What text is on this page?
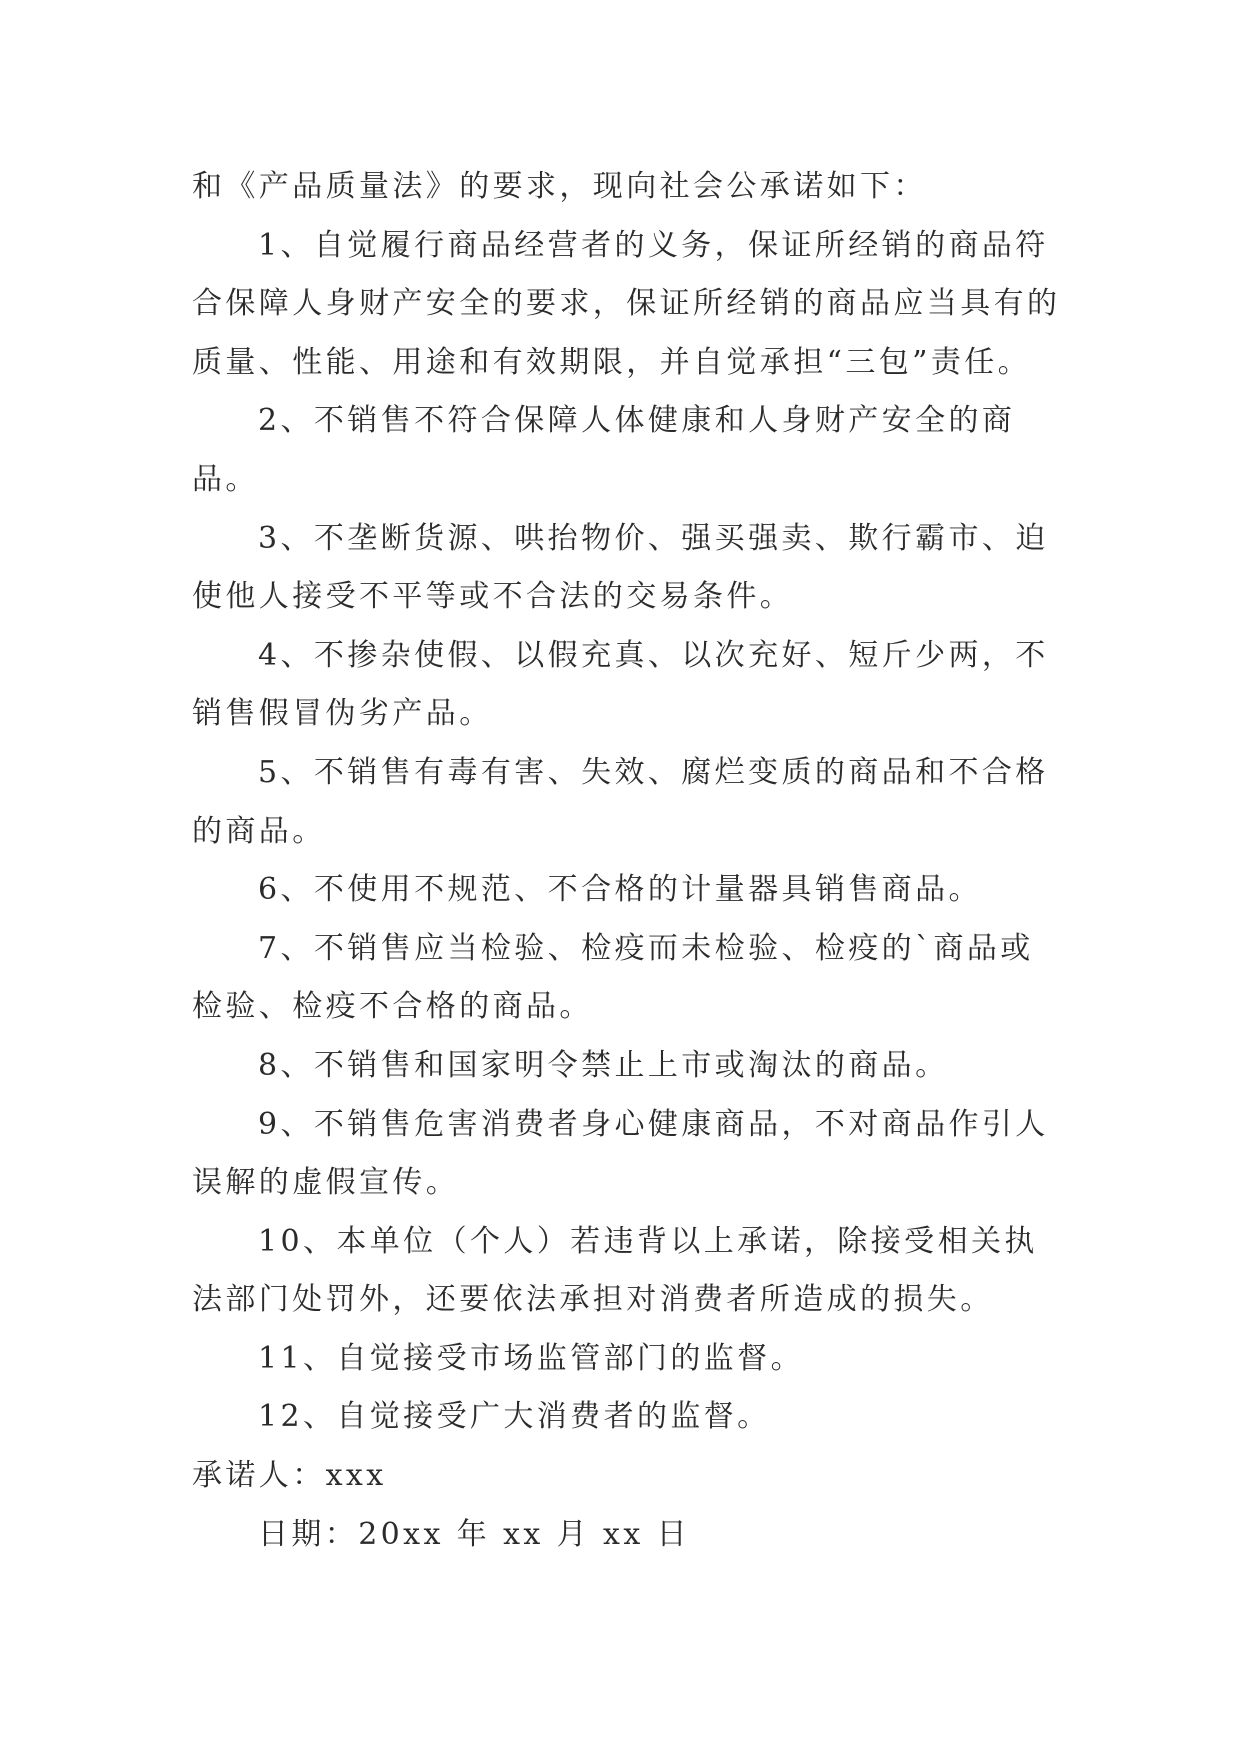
和《产品质量法》的要求，现向社会公承诺如下：

1、自觉履行商品经营者的义务，保证所经销的商品符合保障人身财产安全的要求，保证所经销的商品应当具有的质量、性能、用途和有效期限，并自觉承担“三包”责任。

2、不销售不符合保障人体健康和人身财产安全的商品。

3、不垄断货源、哄抬物价、强买强卖、欺行霸市、迫使他人接受不平等或不合法的交易条件。

4、不掺杂使假、以假充真、以次充好、短斤少两，不销售假冒伪劣产品。

5、不销售有毒有害、失效、腐烂变质的商品和不合格的商品。

6、不使用不规范、不合格的计量器具销售商品。

7、不销售应当检验、检疫而未检验、检疫的`商品或检验、检疫不合格的商品。

8、不销售和国家明令禁止上市或淘汰的商品。

9、不销售危害消费者身心健康商品，不对商品作引人误解的虚假宣传。

10、本单位（个人）若违背以上承诺，除接受相关执法部门处罚外，还要依法承担对消费者所造成的损失。

11、自觉接受市场监管部门的监督。

12、自觉接受广大消费者的监督。

承诺人：xxx

日期：20xx 年 xx 月 xx 日
